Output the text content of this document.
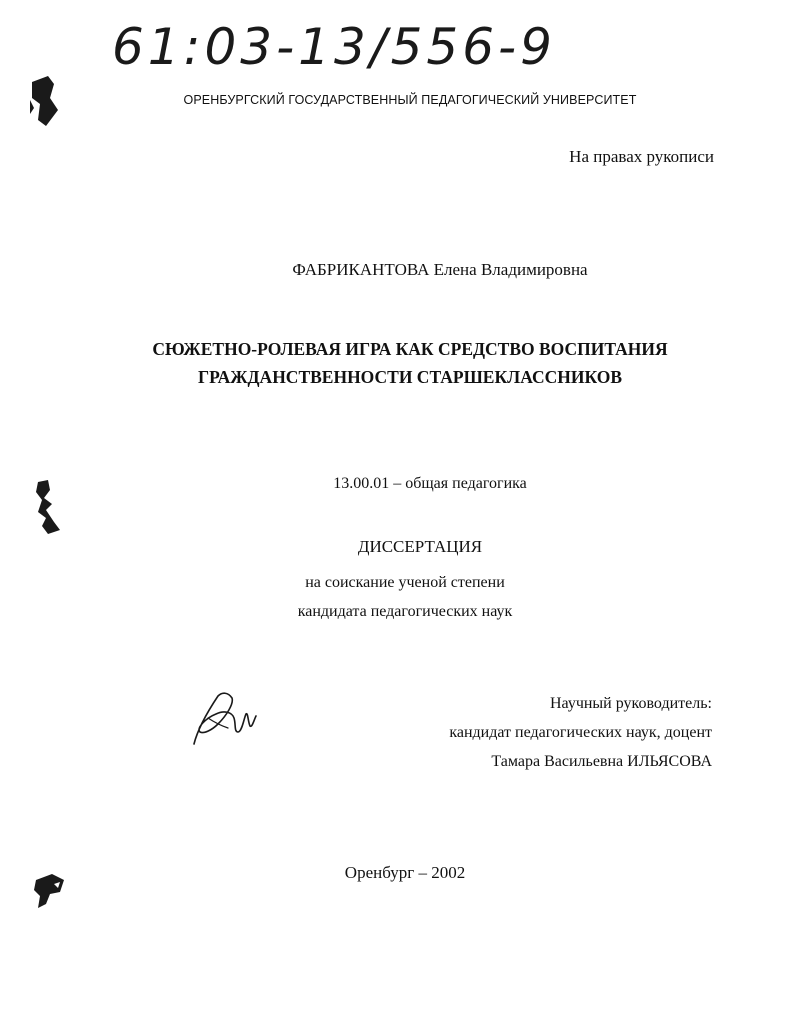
61:03-13/556-9
ОРЕНБУРГСКИЙ ГОСУДАРСТВЕННЫЙ ПЕДАГОГИЧЕСКИЙ УНИВЕРСИТЕТ
На правах рукописи
ФАБРИКАНТОВА Елена Владимировна
СЮЖЕТНО-РОЛЕВАЯ ИГРА КАК СРЕДСТВО ВОСПИТАНИЯ
ГРАЖДАНСТВЕННОСТИ СТАРШЕКЛАССНИКОВ
13.00.01 – общая педагогика
ДИССЕРТАЦИЯ
на соискание ученой степени
кандидата педагогических наук
Научный руководитель:
кандидат педагогических наук, доцент
Тамара Васильевна ИЛЬЯСОВА
Оренбург – 2002
